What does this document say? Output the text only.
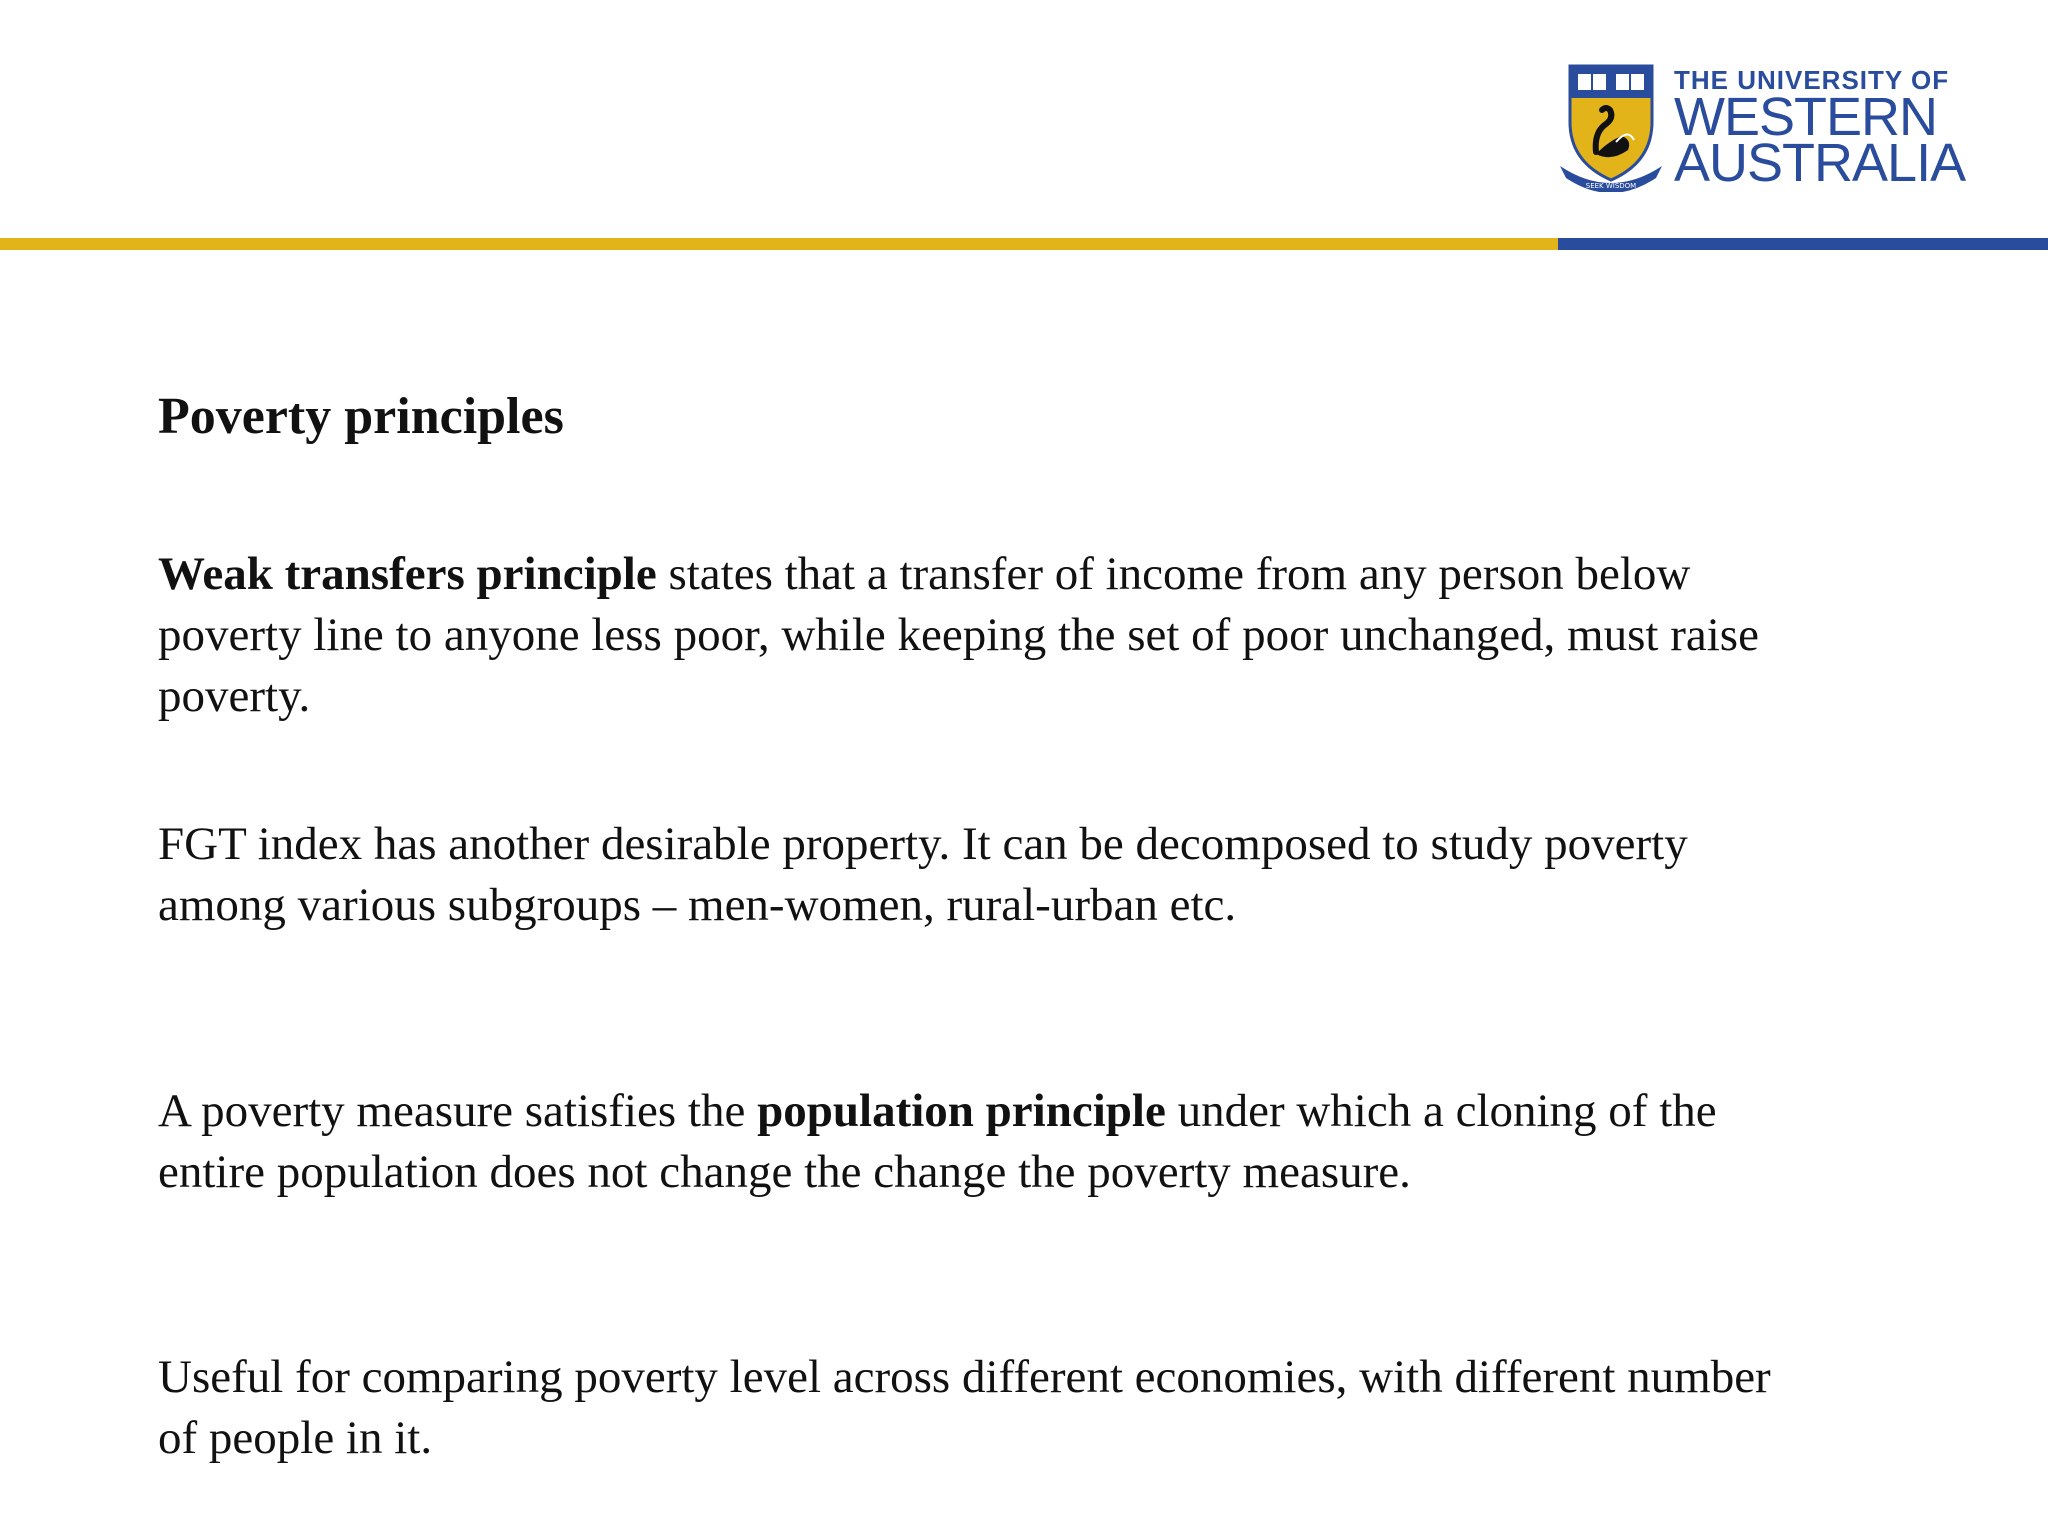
SEEK WISDOM
THE UNIVERSITY OF
WESTERN
AUSTRALIA
Poverty principles

Weak transfers principle states that a transfer of income from any person below
poverty line to anyone less poor, while keeping the set of poor unchanged, must raise
poverty.

FGT index has another desirable property. It can be decomposed to study poverty
among various subgroups – men-women, rural-urban etc.

A poverty measure satisfies the population principle under which a cloning of the
entire population does not change the change the poverty measure.

Useful for comparing poverty level across different economies, with different number
of people in it.
